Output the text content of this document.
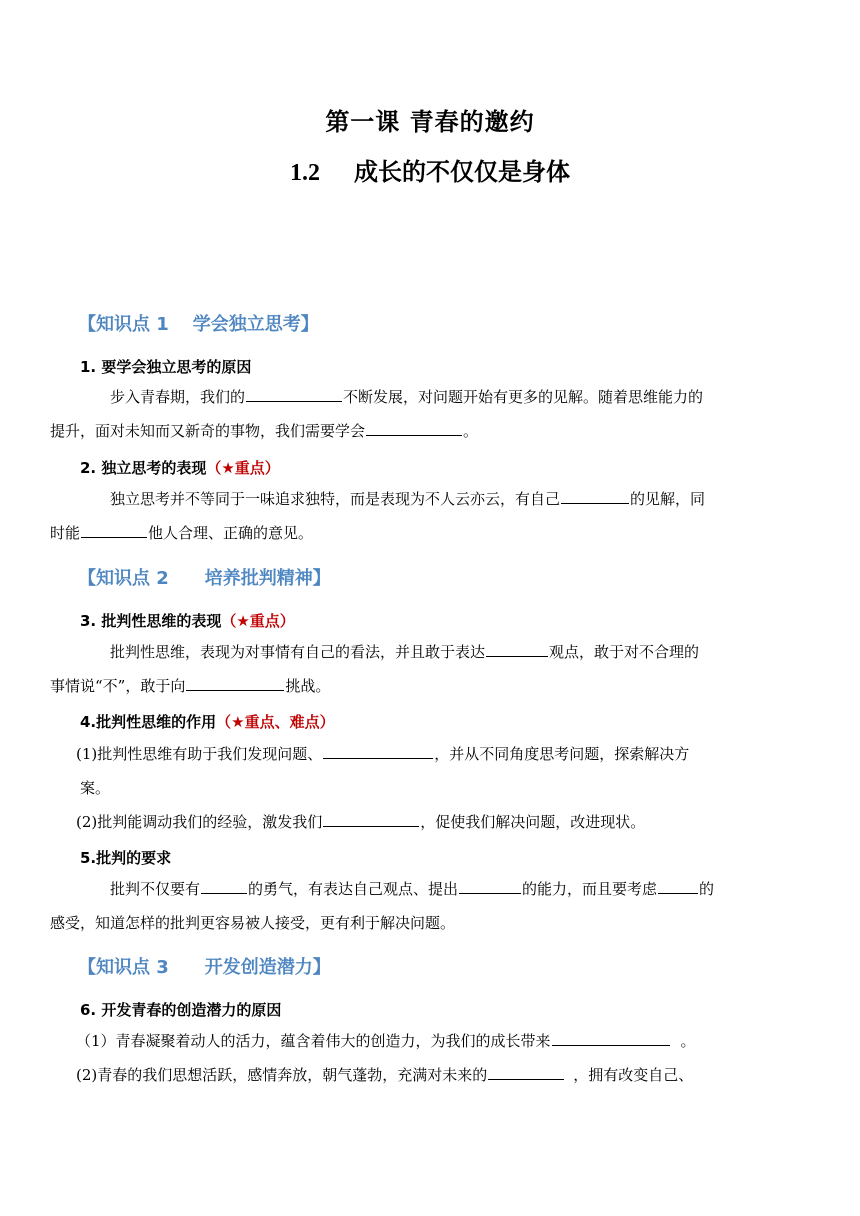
第一课 青春的邀约
1.2 成长的不仅仅是身体
【知识点 1 学会独立思考】
1. 要学会独立思考的原因
步入青春期，我们的	不断发展，对问题开始有更多的见解。随着思维能力的
提升，面对未知而又新奇的事物，我们需要学会	。
2. 独立思考的表现（★重点）
独立思考并不等同于一味追求独特，而是表现为不人云亦云，有自己	的见解，同
时能	他人合理、正确的意见。
【知识点 2 培养批判精神】
3. 批判性思维的表现（★重点）
批判性思维，表现为对事情有自己的看法，并且敢于表达	观点，敢于对不合理的
事情说“不”，敢于向	挑战。
4.批判性思维的作用（★重点、难点）
(1)批判性思维有助于我们发现问题、	，并从不同角度思考问题，探索解决方
案。
(2)批判能调动我们的经验，激发我们	，促使我们解决问题，改进现状。
5.批判的要求
批判不仅要有	的勇气，有表达自己观点、提出	的能力，而且要考虑	的
感受，知道怎样的批判更容易被人接受，更有利于解决问题。
【知识点 3 开发创造潜力】
6. 开发青春的创造潜力的原因
（1）青春凝聚着动人的活力，蕴含着伟大的创造力，为我们的成长带来	。
(2)青春的我们思想活跃，感情奔放，朝气蓬勃，充满对未来的	，拥有改变自己、
